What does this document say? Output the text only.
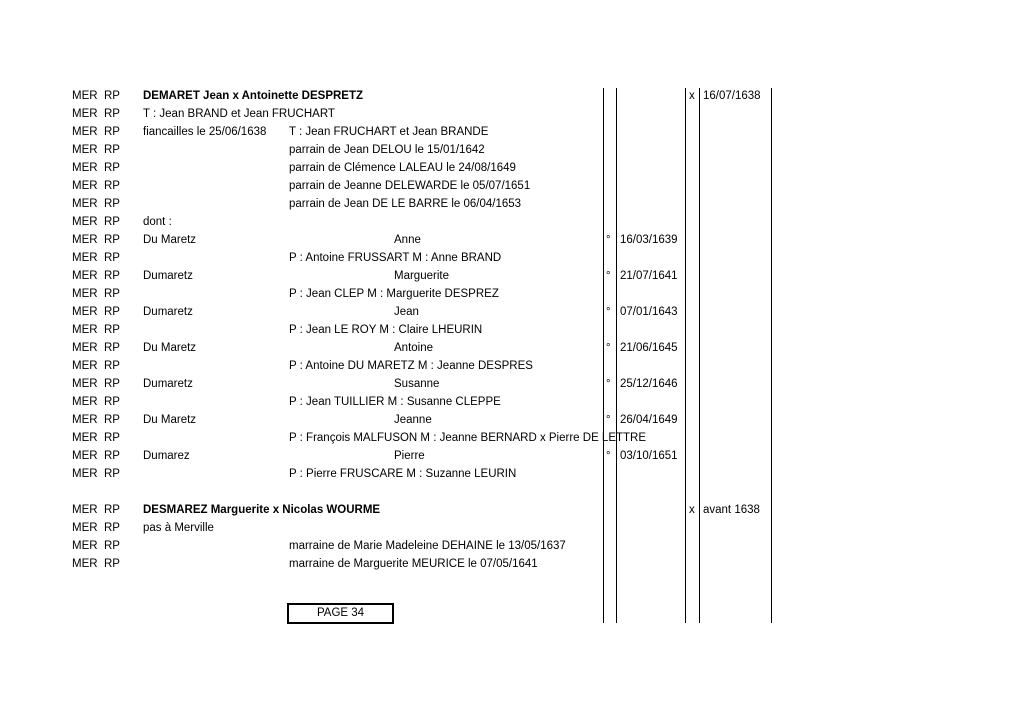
MER RP DEMARET Jean x Antoinette DESPRETZ	x 16/07/1638
MER RP T : Jean BRAND et Jean FRUCHART
MER RP fiancailles le 25/06/1638 T : Jean FRUCHART et Jean BRANDE
MER RP	parrain de Jean DELOU le 15/01/1642
MER RP	parrain de Clémence LALEAU le 24/08/1649
MER RP	parrain de Jeanne DELEWARDE le 05/07/1651
MER RP	parrain de Jean DE LE BARRE le 06/04/1653
MER RP dont :
MER RP Du Maretz	Anne	° 16/03/1639
MER RP	P : Antoine FRUSSART M : Anne BRAND
MER RP Dumaretz	Marguerite	° 21/07/1641
MER RP	P : Jean CLEP M : Marguerite DESPREZ
MER RP Dumaretz	Jean	° 07/01/1643
MER RP	P : Jean LE ROY M : Claire LHEURIN
MER RP Du Maretz	Antoine	° 21/06/1645
MER RP	P : Antoine DU MARETZ M : Jeanne DESPRES
MER RP Dumaretz	Susanne	° 25/12/1646
MER RP	P : Jean TUILLIER M : Susanne CLEPPE
MER RP Du Maretz	Jeanne	° 26/04/1649
MER RP	P : François MALFUSON M : Jeanne BERNARD x Pierre DE LETTRE
MER RP Dumarez	Pierre	° 03/10/1651
MER RP	P : Pierre FRUSCARE M : Suzanne LEURIN
MER RP DESMAREZ Marguerite x Nicolas WOURME	x avant 1638
MER RP pas à Merville
MER RP	marraine de Marie Madeleine DEHAINE le 13/05/1637
MER RP	marraine de Marguerite MEURICE le 07/05/1641
PAGE 34
